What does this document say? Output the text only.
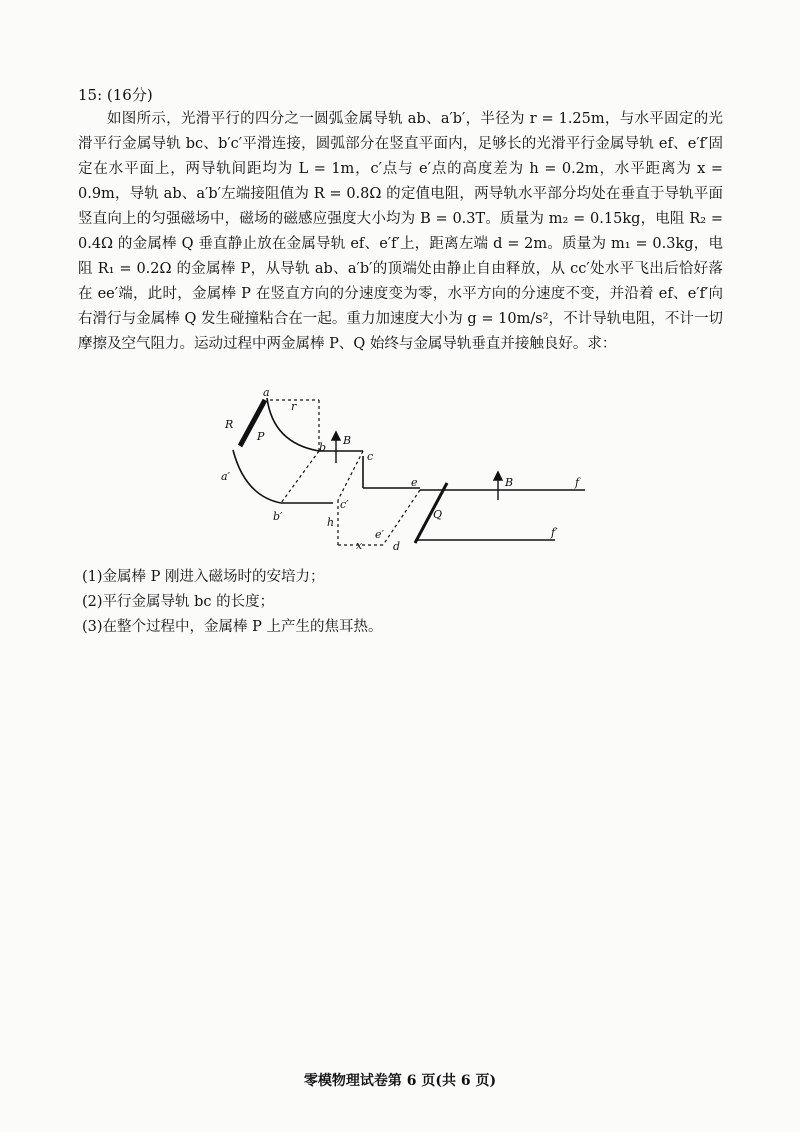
15: (16分)
如图所示，光滑平行的四分之一圆弧金属导轨 ab、a′b′，半径为 r = 1.25m，与水平固定的光滑平行金属导轨 bc、b′c′平滑连接，圆弧部分在竖直平面内，足够长的光滑平行金属导轨 ef、e′f′固定在水平面上，两导轨间距均为 L = 1m，c′点与 e′点的高度差为 h = 0.2m，水平距离为 x = 0.9m，导轨 ab、a′b′左端接阻值为 R = 0.8Ω 的定值电阻，两导轨水平部分均处在垂直于导轨平面竖直向上的匀强磁场中，磁场的磁感应强度大小均为 B = 0.3T。质量为 m₂ = 0.15kg，电阻 R₂ = 0.4Ω 的金属棒 Q 垂直静止放在金属导轨 ef、e′f′上，距离左端 d = 2m。质量为 m₁ = 0.3kg，电阻 R₁ = 0.2Ω 的金属棒 P，从导轨 ab、a′b′的顶端处由静止自由释放，从 cc′处水平飞出后恰好落在 ee′端，此时，金属棒 P 在竖直方向的分速度变为零，水平方向的分速度不变，并沿着 ef、e′f′向右滑行与金属棒 Q 发生碰撞粘合在一起。重力加速度大小为 g = 10m/s²，不计导轨电阻，不计一切摩擦及空气阻力。运动过程中两金属棒 P、Q 始终与金属导轨垂直并接触良好。求：
a
r
R
P
b
B
c
a′
b′
c′
e	B	f
Q
h
x
e′
d
f′
(1)金属棒 P 刚进入磁场时的安培力；
(2)平行金属导轨 bc 的长度；
(3)在整个过程中，金属棒 P 上产生的焦耳热。
零模物理试卷第 6 页(共 6 页)
